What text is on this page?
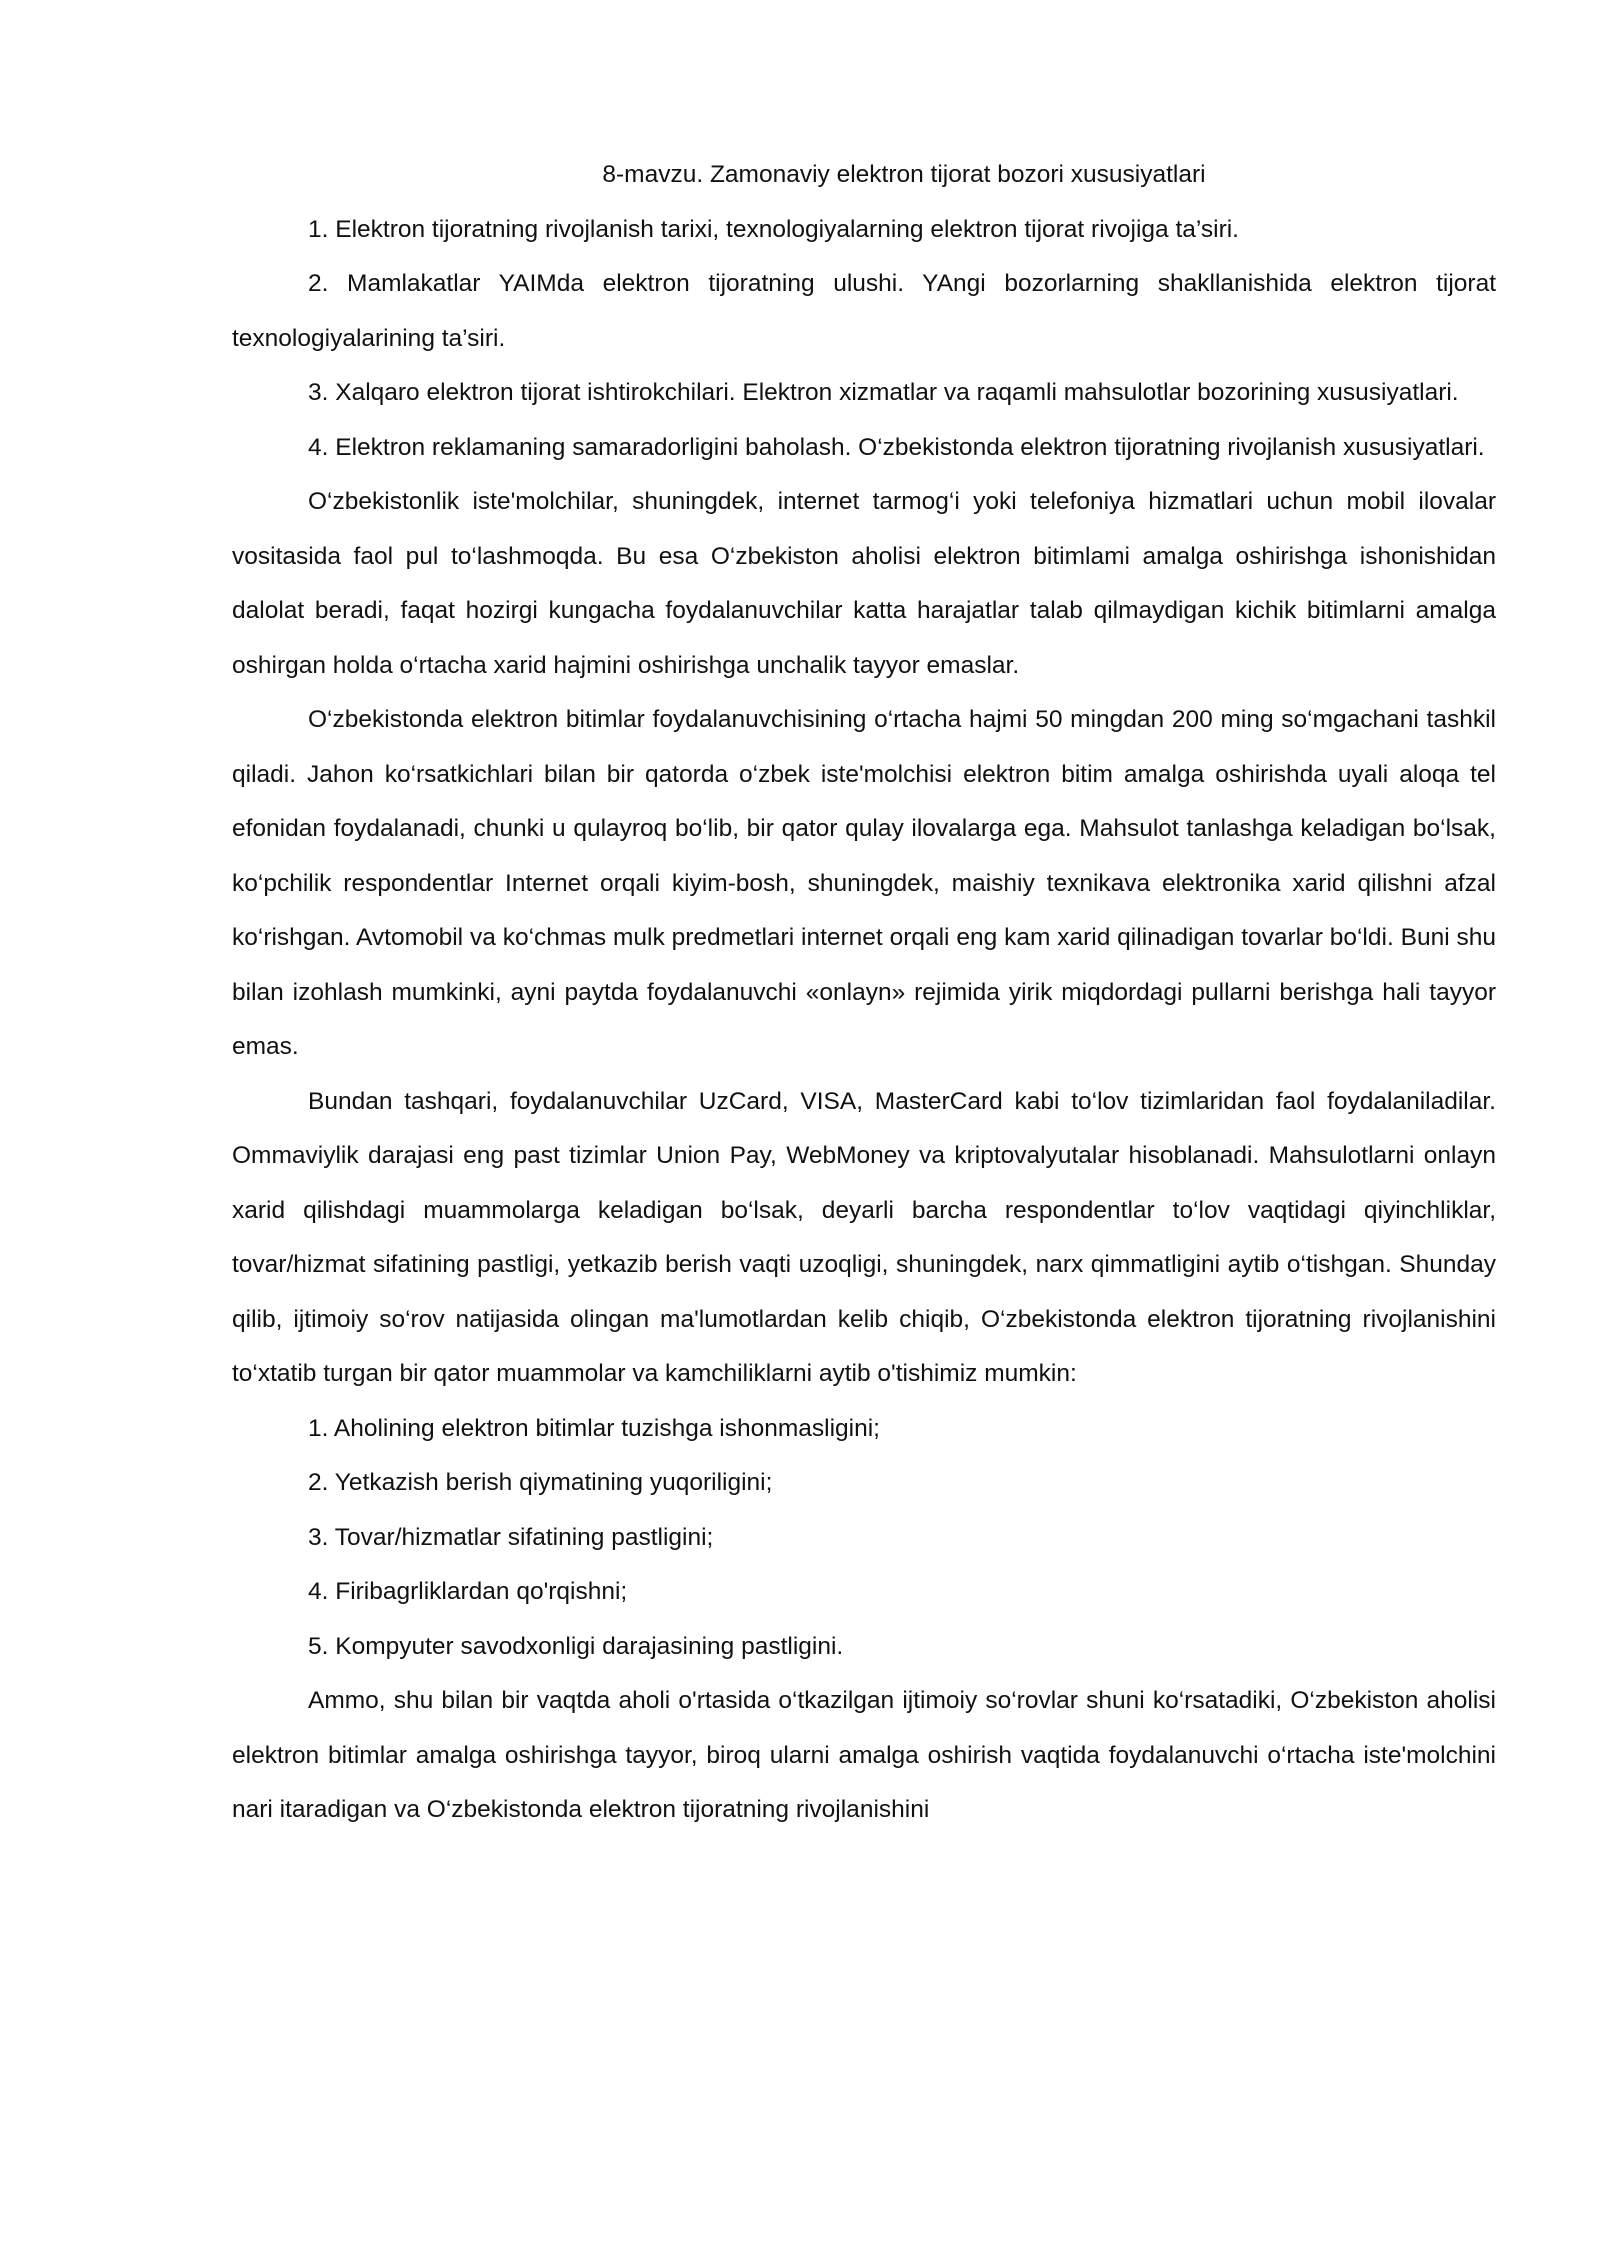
8-mavzu. Zamonaviy elektron tijorat bozori xususiyatlari

1. Elektron tijoratning rivojlanish tarixi, texnologiyalarning elektron tijorat rivojiga ta’siri.

2. Mamlakatlar YAIMda elektron tijoratning ulushi. YAngi bozorlarning shakllanishida elektron tijorat texnologiyalarining ta’siri.

3. Xalqaro elektron tijorat ishtirokchilari. Elektron xizmatlar va raqamli mahsulotlar bozorining xususiyatlari.

4. Elektron reklamaning samaradorligini baholash. O‘zbekistonda elektron tijoratning rivojlanish xususiyatlari.

O‘zbekistonlik iste'molchilar, shuningdek, internet tarmog‘i yoki telefoniya hizmatlari uchun mobil ilovalar vositasida faol pul to‘lashmoqda. Bu esa O‘zbekiston aholisi elektron bitimlami amalga oshirishga ishonishidan dalolat beradi, faqat hozirgi kungacha foydalanuvchilar katta harajatlar talab qilmaydigan kichik bitimlarni amalga oshirgan holda o‘rtacha xarid hajmini oshirishga unchalik tayyor emaslar.

O‘zbekistonda elektron bitimlar foydalanuvchisining o‘rtacha hajmi 50 mingdan 200 ming so‘mgachani tashkil qiladi. Jahon ko‘rsatkichlari bilan bir qatorda o‘zbek iste'molchisi elektron bitim amalga oshirishda uyali aloqa tel efonidan foydalanadi, chunki u qulayroq bo‘lib, bir qator qulay ilovalarga ega. Mahsulot tanlashga keladigan bo‘lsak, ko‘pchilik respondentlar Internet orqali kiyim-bosh, shuningdek, maishiy texnikava elektronika xarid qilishni afzal ko‘rishgan. Avtomobil va ko‘chmas mulk predmetlari internet orqali eng kam xarid qilinadigan tovarlar bo‘ldi. Buni shu bilan izohlash mumkinki, ayni paytda foydalanuvchi «onlayn» rejimida yirik miqdordagi pullarni berishga hali tayyor emas.

Bundan tashqari, foydalanuvchilar UzCard, VISA, MasterCard kabi to‘lov tizimlaridan faol foydalaniladilar. Ommaviylik darajasi eng past tizimlar Union Pay, WebMoney va kriptovalyutalar hisoblanadi. Mahsulotlarni onlayn xarid qilishdagi muammolarga keladigan bo‘lsak, deyarli barcha respondentlar to‘lov vaqtidagi qiyinchliklar, tovar/hizmat sifatining pastligi, yetkazib berish vaqti uzoqligi, shuningdek, narx qimmatligini aytib o‘tishgan. Shunday qilib, ijtimoiy so‘rov natijasida olingan ma'lumotlardan kelib chiqib, O‘zbekistonda elektron tijoratning rivojlanishini to‘xtatib turgan bir qator muammolar va kamchiliklarni aytib o'tishimiz mumkin:

1. Aholining elektron bitimlar tuzishga ishonmasligini;

2. Yetkazish berish qiymatining yuqoriligini;

3. Tovar/hizmatlar sifatining pastligini;

4. Firibagrliklardan qo'rqishni;

5. Kompyuter savodxonligi darajasining pastligini.

Ammo, shu bilan bir vaqtda aholi o'rtasida o‘tkazilgan ijtimoiy so‘rovlar shuni ko‘rsatadiki, O‘zbekiston aholisi elektron bitimlar amalga oshirishga tayyor, biroq ularni amalga oshirish vaqtida foydalanuvchi o‘rtacha iste'molchini nari itaradigan va O‘zbekistonda elektron tijoratning rivojlanishini
